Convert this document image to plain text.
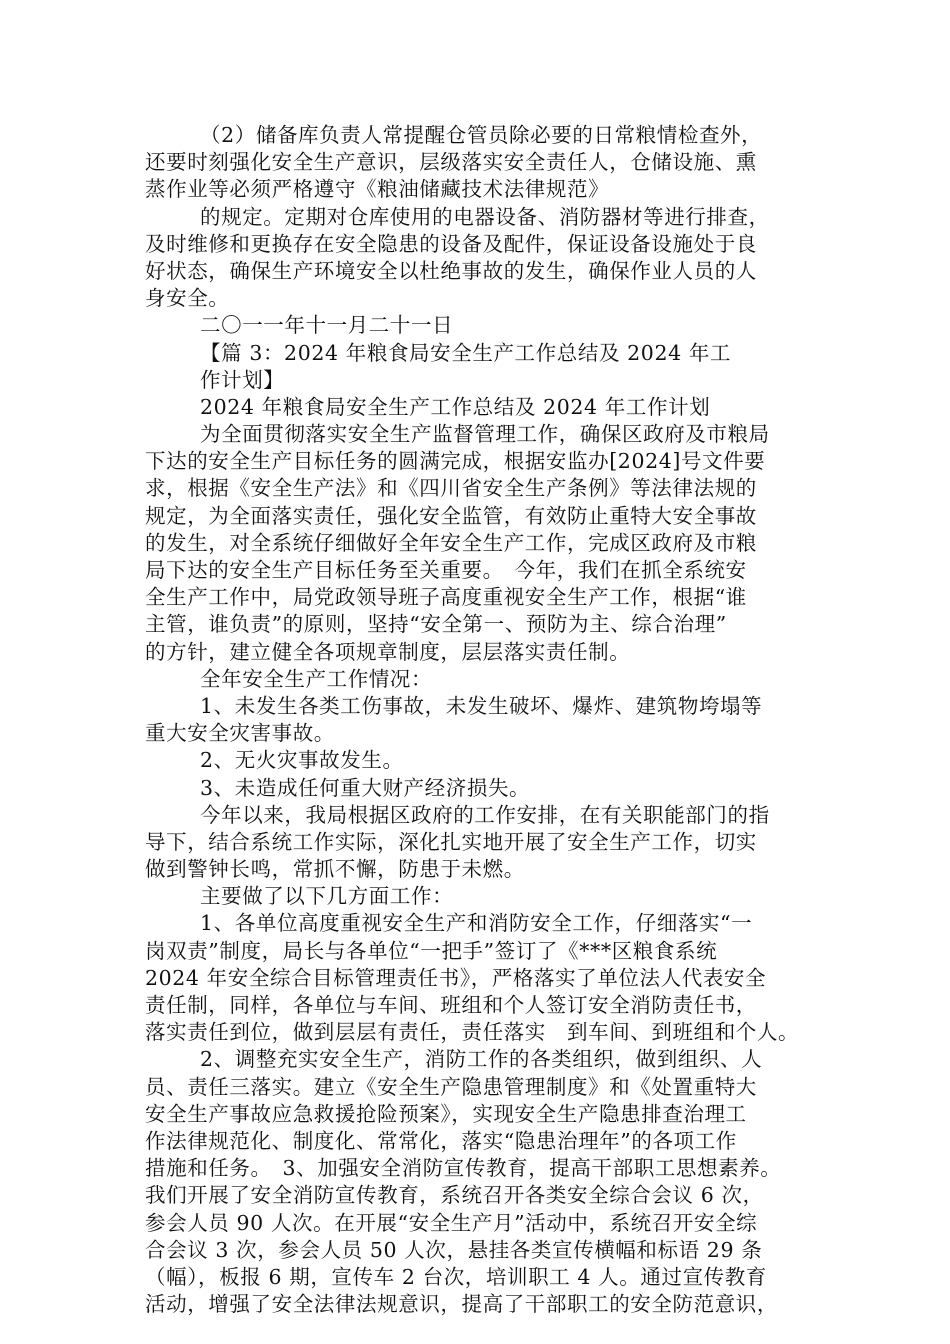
（2）储备库负责人常提醒仓管员除必要的日常粮情检查外，
还要时刻强化安全生产意识，层级落实安全责任人，仓储设施、熏
蒸作业等必须严格遵守《粮油储藏技术法律规范》
的规定。定期对仓库使用的电器设备、消防器材等进行排查，
及时维修和更换存在安全隐患的设备及配件，保证设备设施处于良
好状态，确保生产环境安全以杜绝事故的发生，确保作业人员的人
身安全。
二〇一一年十一月二十一日
【篇 3：2024 年粮食局安全生产工作总结及 2024 年工
作计划】
2024 年粮食局安全生产工作总结及 2024 年工作计划
为全面贯彻落实安全生产监督管理工作，确保区政府及市粮局
下达的安全生产目标任务的圆满完成，根据安监办[2024]号文件要
求，根据《安全生产法》和《四川省安全生产条例》等法律法规的
规定，为全面落实责任，强化安全监管，有效防止重特大安全事故
的发生，对全系统仔细做好全年安全生产工作，完成区政府及市粮
局下达的安全生产目标任务至关重要。　今年，我们在抓全系统安
全生产工作中，局党政领导班子高度重视安全生产工作，根据“谁
主管，谁负责”的原则，坚持“安全第一、预防为主、综合治理”
的方针，建立健全各项规章制度，层层落实责任制。
全年安全生产工作情况：
1、未发生各类工伤事故，未发生破坏、爆炸、建筑物垮塌等
重大安全灾害事故。
2、无火灾事故发生。
3、未造成任何重大财产经济损失。
今年以来，我局根据区政府的工作安排，在有关职能部门的指
导下，结合系统工作实际，深化扎实地开展了安全生产工作，切实
做到警钟长鸣，常抓不懈，防患于未燃。
主要做了以下几方面工作：
1、各单位高度重视安全生产和消防安全工作，仔细落实“一
岗双责”制度，局长与各单位“一把手”签订了《***区粮食系统
2024 年安全综合目标管理责任书》，严格落实了单位法人代表安全
责任制，同样，各单位与车间、班组和个人签订安全消防责任书，
落实责任到位，做到层层有责任，责任落实　到车间、到班组和个人。
2、调整充实安全生产，消防工作的各类组织，做到组织、人
员、责任三落实。建立《安全生产隐患管理制度》和《处置重特大
安全生产事故应急救援抢险预案》，实现安全生产隐患排查治理工
作法律规范化、制度化、常常化，落实“隐患治理年”的各项工作
措施和任务。　3、加强安全消防宣传教育，提高干部职工思想素养。
我们开展了安全消防宣传教育，系统召开各类安全综合会议 6 次，
参会人员 90 人次。在开展“安全生产月”活动中，系统召开安全综
合会议 3 次，参会人员 50 人次，悬挂各类宣传横幅和标语 29 条
（幅），板报 6 期，宣传车 2 台次，培训职工 4 人。通过宣传教育
活动，增强了安全法律法规意识，提高了干部职工的安全防范意识，
